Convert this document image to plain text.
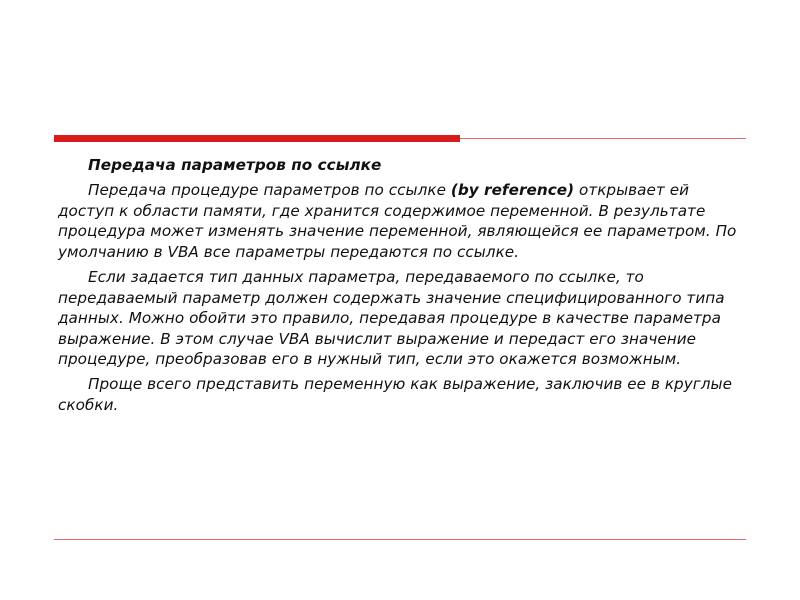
Передача параметров по ссылке

Передача процедуре параметров по ссылке (by reference) открывает ей доступ к области памяти, где хранится содержимое переменной. В результате процедура может изменять значение переменной, являющейся ее параметром. По умолчанию в VBA все параметры передаются по ссылке.

Если задается тип данных параметра, передаваемого по ссылке, то передаваемый параметр должен содержать значение специфицированного типа данных. Можно обойти это правило, передавая процедуре в качестве параметра выражение. В этом случае VBA вычислит выражение и передаст его значение процедуре, преобразовав его в нужный тип, если это окажется возможным.

Проще всего представить переменную как выражение, заключив ее в круглые скобки.
